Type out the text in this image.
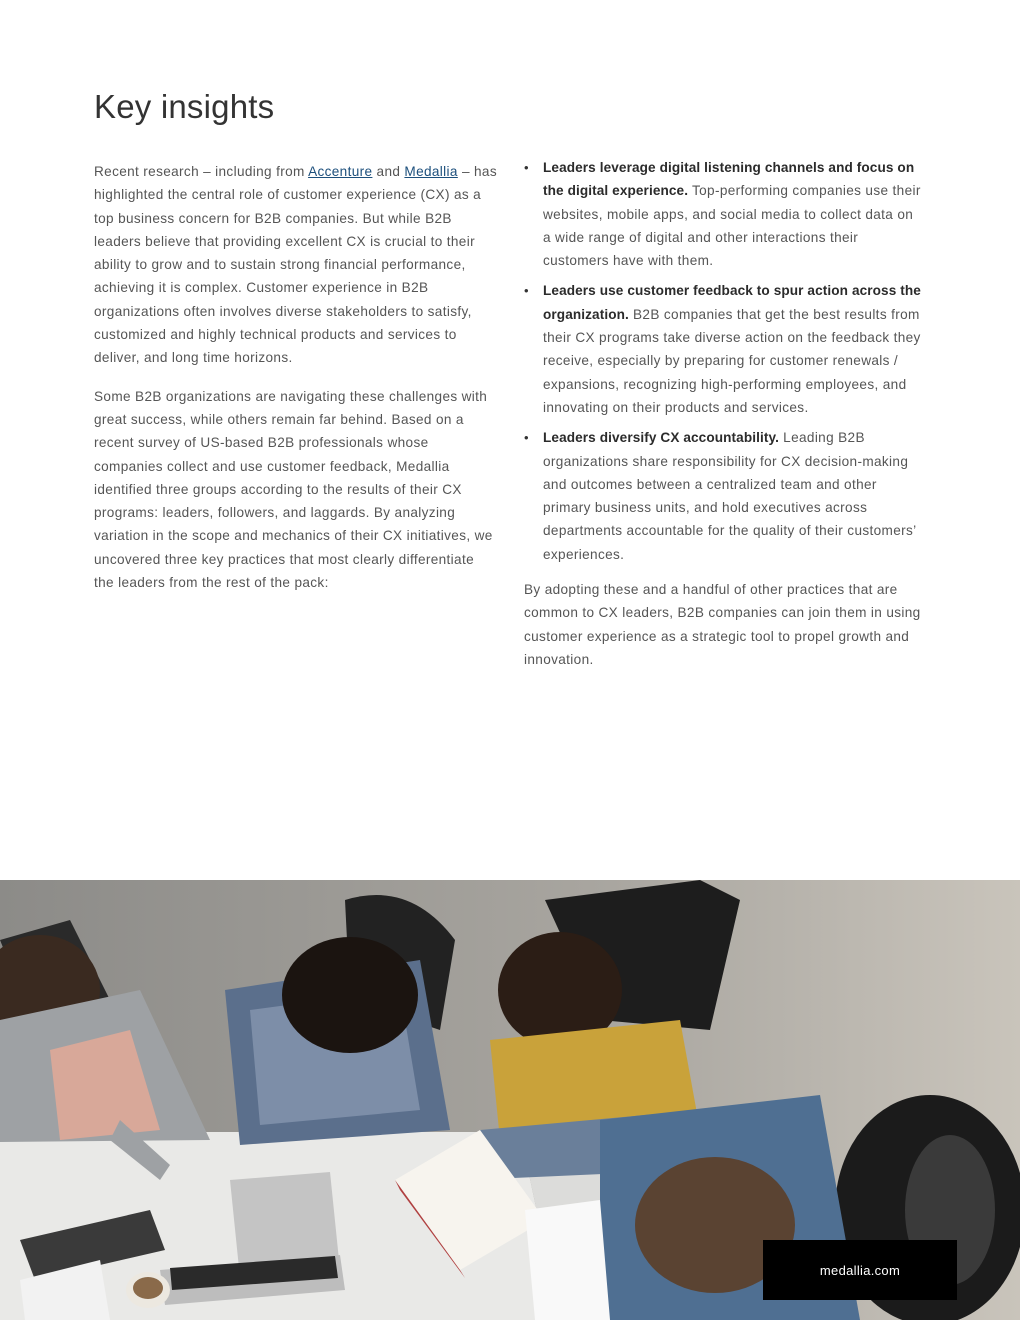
Key insights

Recent research – including from Accenture and Medallia – has highlighted the central role of customer experience (CX) as a top business concern for B2B companies. But while B2B leaders believe that providing excellent CX is crucial to their ability to grow and to sustain strong financial performance, achieving it is complex. Customer experience in B2B organizations often involves diverse stakeholders to satisfy, customized and highly technical products and services to deliver, and long time horizons.

Some B2B organizations are navigating these challenges with great success, while others remain far behind. Based on a recent survey of US-based B2B professionals whose companies collect and use customer feedback, Medallia identified three groups according to the results of their CX programs: leaders, followers, and laggards. By analyzing variation in the scope and mechanics of their CX initiatives, we uncovered three key practices that most clearly differentiate the leaders from the rest of the pack:

• Leaders leverage digital listening channels and focus on the digital experience. Top-performing companies use their websites, mobile apps, and social media to collect data on a wide range of digital and other interactions their customers have with them.
• Leaders use customer feedback to spur action across the organization. B2B companies that get the best results from their CX programs take diverse action on the feedback they receive, especially by preparing for customer renewals / expansions, recognizing high-performing employees, and innovating on their products and services.
• Leaders diversify CX accountability. Leading B2B organizations share responsibility for CX decision-making and outcomes between a centralized team and other primary business units, and hold executives across departments accountable for the quality of their customers’ experiences.

By adopting these and a handful of other practices that are common to CX leaders, B2B companies can join them in using customer experience as a strategic tool to propel growth and innovation.

medallia.com
